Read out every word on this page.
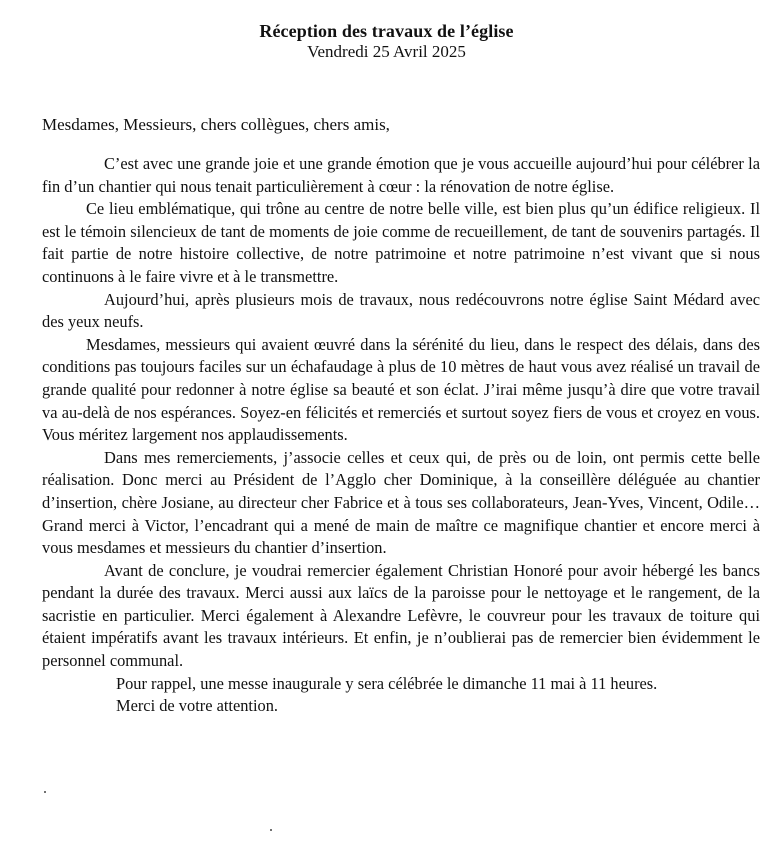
Réception des travaux de l’église

Vendredi 25 Avril 2025

Mesdames, Messieurs, chers collègues, chers amis,

C’est avec une grande joie et une grande émotion que je vous accueille aujourd’hui pour célébrer la fin d’un chantier qui nous tenait particulièrement à cœur : la rénovation de notre église.

Ce lieu emblématique, qui trône au centre de notre belle ville, est bien plus qu’un édifice religieux. Il est le témoin silencieux de tant de moments de joie comme de recueillement, de tant de souvenirs partagés. Il fait partie de notre histoire collective, de notre patrimoine et notre patrimoine n’est vivant que si nous continuons à le faire vivre et à le transmettre.

Aujourd’hui, après plusieurs mois de travaux, nous redécouvrons notre église Saint Médard avec des yeux neufs.

Mesdames, messieurs qui avaient œuvré dans la sérénité du lieu, dans le respect des délais, dans des conditions pas toujours faciles sur un échafaudage à plus de 10 mètres de haut vous avez réalisé un travail de grande qualité pour redonner à notre église sa beauté et son éclat. J’irai même jusqu’à dire que votre travail va au-delà de nos espérances. Soyez-en félicités et remerciés et surtout soyez fiers de vous et croyez en vous. Vous méritez largement nos applaudissements.

Dans mes remerciements, j’associe celles et ceux qui, de près ou de loin, ont permis cette belle réalisation. Donc merci au Président de l’Agglo cher Dominique, à la conseillère déléguée au chantier d’insertion, chère Josiane, au directeur cher Fabrice et à tous ses collaborateurs, Jean-Yves, Vincent, Odile…Grand merci à Victor, l’encadrant qui a mené de main de maître ce magnifique chantier et encore merci à vous mesdames et messieurs du chantier d’insertion.

Avant de conclure, je voudrai remercier également Christian Honoré pour avoir hébergé les bancs pendant la durée des travaux. Merci aussi aux laïcs de la paroisse pour le nettoyage et le rangement, de la sacristie en particulier. Merci également à Alexandre Lefèvre, le couvreur pour les travaux de toiture qui étaient impératifs avant les travaux intérieurs. Et enfin, je n’oublierai pas de remercier bien évidemment le personnel communal.

Pour rappel, une messe inaugurale y sera célébrée le dimanche 11 mai à 11 heures.

Merci de votre attention.
